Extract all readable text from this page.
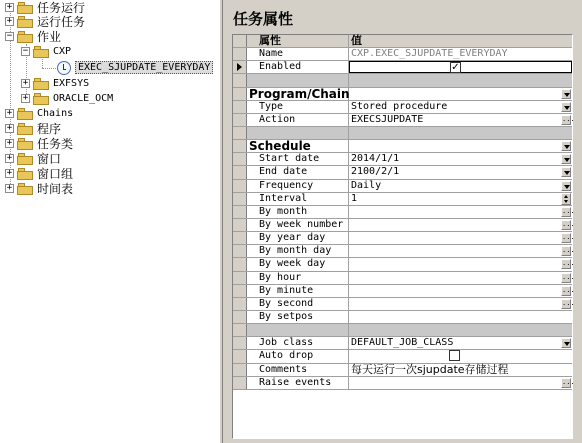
+ 任务运行
+ 运行任务
− 作业
− CXP
EXEC_SJUPDATE_EVERYDAY
+ EXFSYS
+ ORACLE_OCM
+ Chains
+ 程序
+ 任务类
+ 窗口
+ 窗口组
+ 时间表
任务属性
属性	值
Name	CXP.EXEC_SJUPDATE_EVERYDAY
Enabled	✓
Program/Chain
Type	Stored procedure
Action	EXECSJUPDATE	...
Schedule
Start date	2014/1/1
End date	2100/2/1
Frequency	Daily
Interval	1
By month	...
By week number	...
By year day	...
By month day	...
By week day	...
By hour	...
By minute	...
By second	...
By setpos
Job class	DEFAULT_JOB_CLASS
Auto drop
Comments	每天运行一次sjupdate存储过程
Raise events	...
